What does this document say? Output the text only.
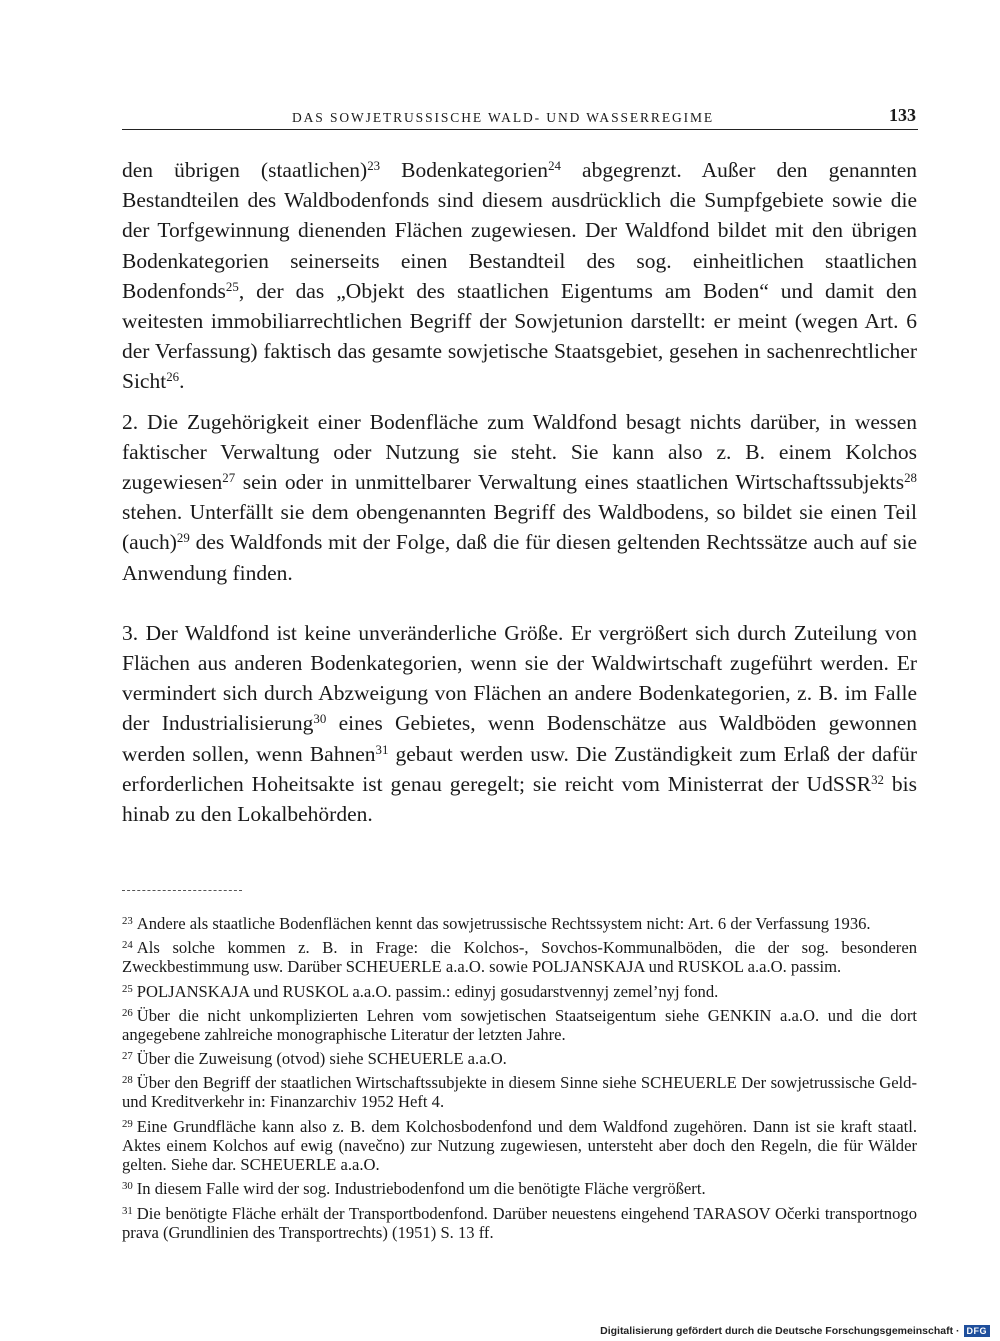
DAS SOWJETRUSSISCHE WALD- UND WASSERREGIME	133

den übrigen (staatlichen)$^{23}$ Bodenkategorien$^{24}$ abgegrenzt. Außer den genannten Bestandteilen des Waldbodenfonds sind diesem ausdrücklich die Sumpfgebiete sowie die der Torfgewinnung dienenden Flächen zugewiesen. Der Waldfond bildet mit den übrigen Bodenkategorien seinerseits einen Bestandteil des sog. einheitlichen staatlichen Bodenfonds$^{25}$, der das „Objekt des staatlichen Eigentums am Boden“ und damit den weitesten immobiliarrechtlichen Begriff der Sowjetunion darstellt: er meint (wegen Art. 6 der Verfassung) faktisch das gesamte sowjetische Staatsgebiet, gesehen in sachenrechtlicher Sicht$^{26}$.

2. Die Zugehörigkeit einer Bodenfläche zum Waldfond besagt nichts darüber, in wessen faktischer Verwaltung oder Nutzung sie steht. Sie kann also z. B. einem Kolchos zugewiesen$^{27}$ sein oder in unmittelbarer Verwaltung eines staatlichen Wirtschaftssubjekts$^{28}$ stehen. Unterfällt sie dem obengenannten Begriff des Waldbodens, so bildet sie einen Teil (auch)$^{29}$ des Waldfonds mit der Folge, daß die für diesen geltenden Rechtssätze auch auf sie Anwendung finden.

3. Der Waldfond ist keine unveränderliche Größe. Er vergrößert sich durch Zuteilung von Flächen aus anderen Bodenkategorien, wenn sie der Waldwirtschaft zugeführt werden. Er vermindert sich durch Abzweigung von Flächen an andere Bodenkategorien, z. B. im Falle der Industrialisierung$^{30}$ eines Gebietes, wenn Bodenschätze aus Waldböden gewonnen werden sollen, wenn Bahnen$^{31}$ gebaut werden usw. Die Zuständigkeit zum Erlaß der dafür erforderlichen Hoheitsakte ist genau geregelt; sie reicht vom Ministerrat der UdSSR$^{32}$ bis hinab zu den Lokalbehörden.

$^{23}$ Andere als staatliche Bodenflächen kennt das sowjetrussische Rechtssystem nicht: Art. 6 der Verfassung 1936.

$^{24}$ Als solche kommen z. B. in Frage: die Kolchos-, Sovchos-Kommunalböden, die der sog. besonderen Zweckbestimmung usw. Darüber SCHEUERLE a.a.O. sowie POLJANSKAJA und RUSKOL a.a.O. passim.

$^{25}$ POLJANSKAJA und RUSKOL a.a.O. passim.: edinyj gosudarstvennyj zemel’nyj fond.

$^{26}$ Über die nicht unkomplizierten Lehren vom sowjetischen Staatseigentum siehe GENKIN a.a.O. und die dort angegebene zahlreiche monographische Literatur der letzten Jahre.

$^{27}$ Über die Zuweisung (otvod) siehe SCHEUERLE a.a.O.

$^{28}$ Über den Begriff der staatlichen Wirtschaftssubjekte in diesem Sinne siehe SCHEUERLE Der sowjetrussische Geld- und Kreditverkehr in: Finanzarchiv 1952 Heft 4.

$^{29}$ Eine Grundfläche kann also z. B. dem Kolchosbodenfond und dem Waldfond zugehören. Dann ist sie kraft staatl. Aktes einem Kolchos auf ewig (navečno) zur Nutzung zugewiesen, untersteht aber doch den Regeln, die für Wälder gelten. Siehe dar. SCHEUERLE a.a.O.

$^{30}$ In diesem Falle wird der sog. Industriebodenfond um die benötigte Fläche vergrößert.

$^{31}$ Die benötigte Fläche erhält der Transportbodenfond. Darüber neuestens eingehend TARASOV Očerki transportnogo prava (Grundlinien des Transportrechts) (1951) S. 13 ff.

Digitalisierung gefördert durch die Deutsche Forschungsgemeinschaft · DFG
